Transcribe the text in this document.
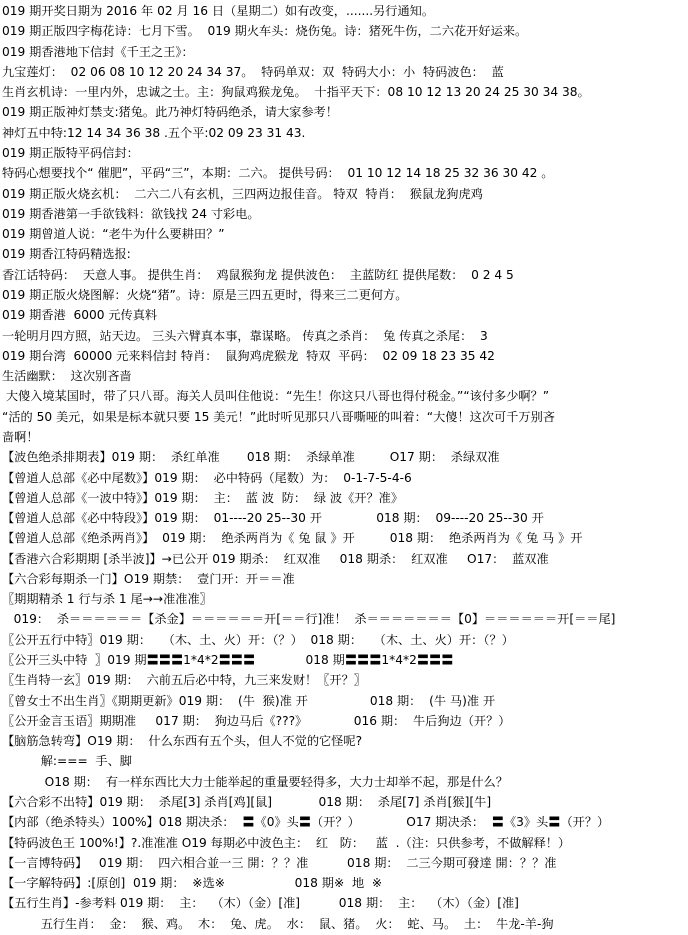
019 期开奖日期为 2016 年 02 月 16 日（星期二）如有改变，.......另行通知。
019 期正版四字梅花诗：七月下雪。  019 期火车头：烧伤兔。诗：猪死牛伤，二六花开好运来。
019 期香港地下信封《千王之王》：
九宝莲灯：  02 06 08 10 12 20 24 34 37。  特码单双：双  特码大小：小  特码波色：  蓝
生肖玄机诗：一里内外，忠诚之士。主：狗鼠鸡猴龙兔。  十指平天下：08 10 12 13 20 24 25 30 34 38。
019 期正版神灯禁支:猪兔。此乃神灯特码绝杀，请大家参考！
神灯五中特:12 14 34 36 38 .五个平:02 09 23 31 43.
019 期正版特平码信封：
特码心想要找个“ 催肥”，平码“三”，本期：二六。 提供号码：  01 10 12 14 18 25 32 36 30 42 。
019 期正版火烧玄机：  二六二八有玄机，三四两边报佳音。 特双  特肖：  猴鼠龙狗虎鸡
019 期香港第一手欲钱料：欲钱找 24 寸彩电。
019 期曾道人说：“老牛为什么要耕田？”
019 期香江特码精选报:
香江话特码：  天意人事。 提供生肖：  鸡鼠猴狗龙 提供波色：  主蓝防红 提供尾数：  0 2 4 5
019 期正版火烧图解：火烧“猪”。诗：原是三四五更时，得来三二更何方。
019 期香港  6000 元传真料
一轮明月四方照，站天边。 三头六臂真本事，靠谋略。 传真之杀肖：  兔 传真之杀尾：  3
019 期台湾  60000 元来料信封 特肖：  鼠狗鸡虎猴龙  特双  平码：  02 09 18 23 35 42
生活幽默：  这次别吝啬
大傻入境某国时，带了只八哥。海关人员叫住他说：“先生！你这只八哥也得付税金。”“该付多少啊？”
“活的 50 美元，如果是标本就只要 15 美元！”此时听见那只八哥嘶哑的叫着：“大傻！这次可千万别吝
啬啊！
【波色绝杀排期表】019 期：  杀红单准       018 期：  杀绿单准         O17 期：  杀绿双准
【曾道人总部《必中尾数》】019 期：  必中特码（尾数）为：  0-1-7-5-4-6
【曾道人总部《一波中特》】019 期：  主：  蓝 波  防：  绿 波《开？准》
【曾道人总部《必中特段》】019 期：  01----20 25--30 开              018 期：  09----20 25--30 开
【曾道人总部《绝杀两肖》】  019 期：  绝杀两肖为《 兔 鼠 》开         018 期：  绝杀两肖为《 兔 马 》开
【香港六合彩期期 [杀半波]】→已公开 019 期杀：  红双准     018 期杀：  红双准     O17：  蓝双准
【六合彩每期杀一门】O19 期禁：  壹门开：开＝＝准
〖期期精杀 1 行与杀 1 尾→→准准准〗
019：  杀＝＝＝＝＝＝【杀金】＝＝＝＝＝＝开[＝＝行]准！  杀＝＝＝＝＝＝＝【0】＝＝＝＝＝＝开[＝＝尾]
〖公开五行中特〗019 期：   （木、土、火）开：（？）  018 期：   （木、土、火）开：（？）
〖公开三头中特  〗019 期〓〓〓1*4*2〓〓〓             018 期〓〓〓1*4*2〓〓〓
〖生肖特一玄〗019 期：  六前五后必中特，九三来发财！〖开？〗
〖曾女士不出生肖〗《期期更新》019 期：  (牛  猴)准 开                018 期：  (牛 马)准 开
〖公开金言玉语〗期期准     017 期：  狗边马后《???》            016 期：  牛后狗边（开？）
【脑筋急转弯】O19 期：  什么东西有五个头，但人不觉的它怪呢?
解:===  手、脚
O18 期：  有一样东西比大力士能举起的重量要轻得多，大力士却举不起，那是什么？
【六合彩不出特】019 期：  杀尾[3] 杀肖[鸡][鼠]            018 期：  杀尾[7] 杀肖[猴][牛]
【内部（绝杀特头）100%】018 期决杀：  〓《0》头〓（开？）            O17 期决杀：  〓《3》头〓（开？）
【特码波色王 100%!】?.准准准 O19 每期必中波色主：  红   防：   蓝  .（注：只供参考，不做解释！）
【一言博特码】   019 期：  四六相合並一三 開：？？准          018 期：  二三今期可發達 開：？？准
【一字解特码】:[原创]  019 期：  ※选※                  018 期※  地  ※
【五行生肖】-参考料 019 期：  主：  （木）（金）[准]          018 期：  主：  （木）（金）[准]
五行生肖：  金：  猴、鸡。  木：  兔、虎。  水：  鼠、猪。  火：  蛇、马。  土：  牛龙-羊-狗
